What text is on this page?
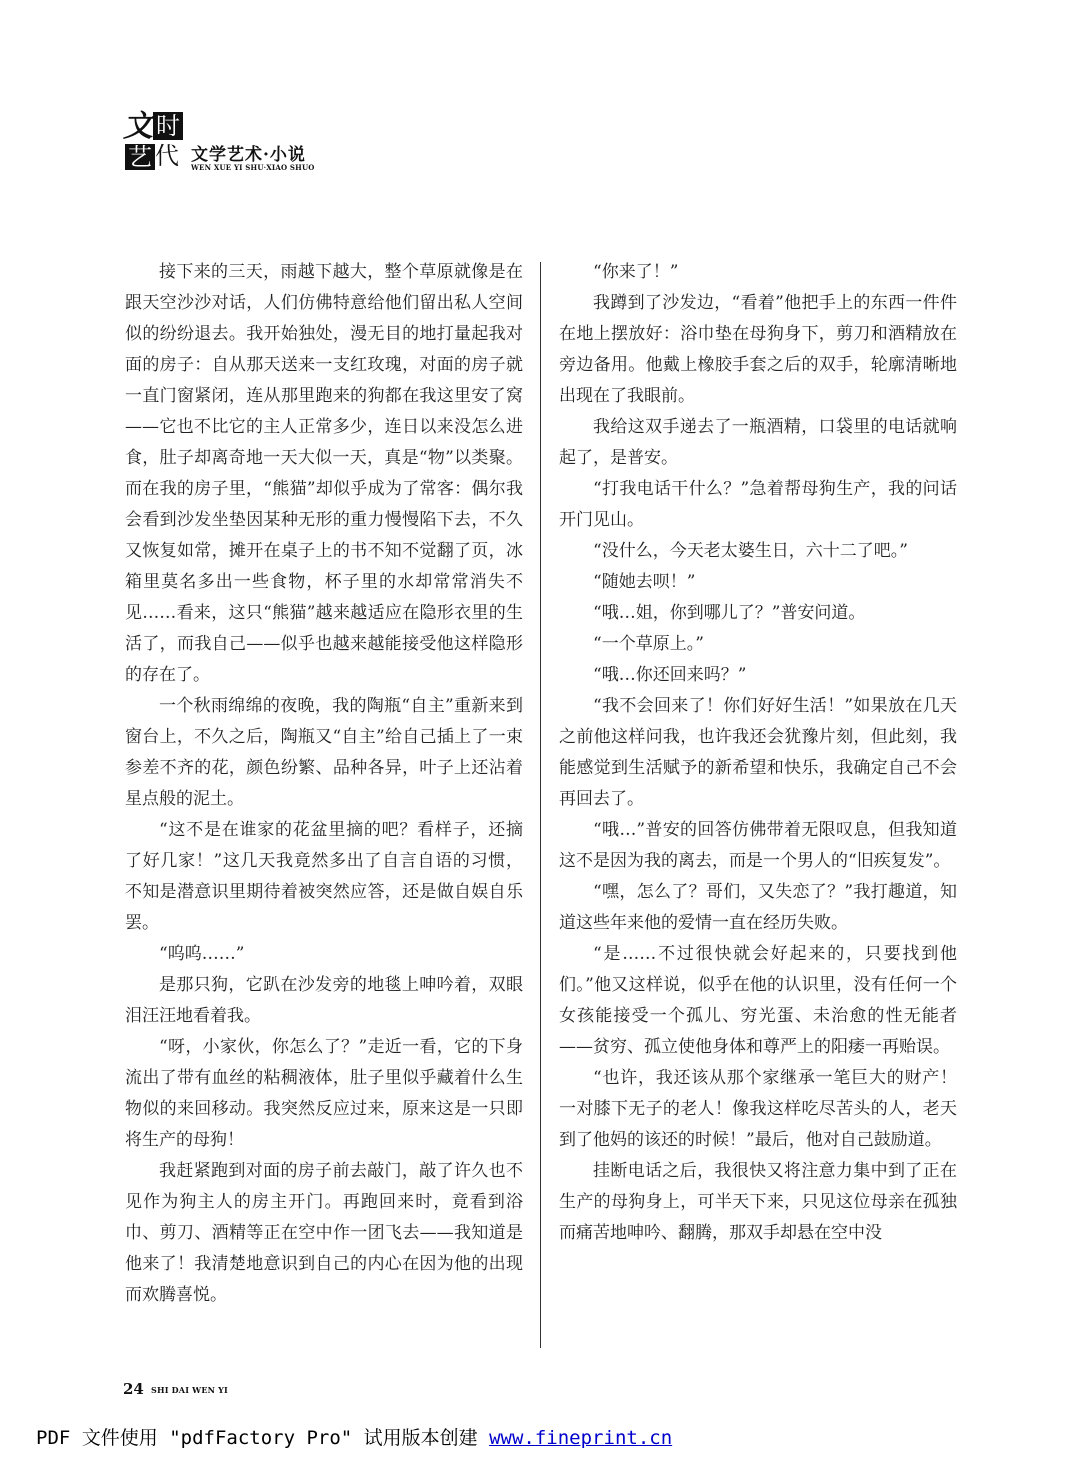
文 时
艺 代 文学艺术·小说
WEN XUE YI SHU·XIAO SHUO

接下来的三天，雨越下越大，整个草原就像是在跟天空沙沙对话，人们仿佛特意给他们留出私人空间似的纷纷退去。我开始独处，漫无目的地打量起我对面的房子：自从那天送来一支红玫瑰，对面的房子就一直门窗紧闭，连从那里跑来的狗都在我这里安了窝——它也不比它的主人正常多少，连日以来没怎么进食，肚子却离奇地一天大似一天，真是“物”以类聚。而在我的房子里，“熊猫”却似乎成为了常客：偶尔我会看到沙发坐垫因某种无形的重力慢慢陷下去，不久又恢复如常，摊开在桌子上的书不知不觉翻了页，冰箱里莫名多出一些食物，杯子里的水却常常消失不见……看来，这只“熊猫”越来越适应在隐形衣里的生活了，而我自己——似乎也越来越能接受他这样隐形的存在了。

一个秋雨绵绵的夜晚，我的陶瓶“自主”重新来到窗台上，不久之后，陶瓶又“自主”给自己插上了一束参差不齐的花，颜色纷繁、品种各异，叶子上还沾着星点般的泥土。

“这不是在谁家的花盆里摘的吧？看样子，还摘了好几家！”这几天我竟然多出了自言自语的习惯，不知是潜意识里期待着被突然应答，还是做自娱自乐罢。

“呜呜……”

是那只狗，它趴在沙发旁的地毯上呻吟着，双眼泪汪汪地看着我。

“呀，小家伙，你怎么了？”走近一看，它的下身流出了带有血丝的粘稠液体，肚子里似乎藏着什么生物似的来回移动。我突然反应过来，原来这是一只即将生产的母狗！

我赶紧跑到对面的房子前去敲门，敲了许久也不见作为狗主人的房主开门。再跑回来时，竟看到浴巾、剪刀、酒精等正在空中作一团飞去——我知道是他来了！我清楚地意识到自己的内心在因为他的出现而欢腾喜悦。

“你来了！”

我蹲到了沙发边，“看着”他把手上的东西一件件在地上摆放好：浴巾垫在母狗身下，剪刀和酒精放在旁边备用。他戴上橡胶手套之后的双手，轮廓清晰地出现在了我眼前。

我给这双手递去了一瓶酒精，口袋里的电话就响起了，是普安。

“打我电话干什么？”急着帮母狗生产，我的问话开门见山。

“没什么，今天老太婆生日，六十二了吧。”

“随她去呗！”

“哦…姐，你到哪儿了？”普安问道。

“一个草原上。”

“哦…你还回来吗？”

“我不会回来了！你们好好生活！”如果放在几天之前他这样问我，也许我还会犹豫片刻，但此刻，我能感觉到生活赋予的新希望和快乐，我确定自己不会再回去了。

“哦…”普安的回答仿佛带着无限叹息，但我知道这不是因为我的离去，而是一个男人的“旧疾复发”。

“嘿，怎么了？哥们，又失恋了？”我打趣道，知道这些年来他的爱情一直在经历失败。

“是……不过很快就会好起来的，只要找到他们。”他又这样说，似乎在他的认识里，没有任何一个女孩能接受一个孤儿、穷光蛋、未治愈的性无能者——贫穷、孤立使他身体和尊严上的阳痿一再贻误。

“也许，我还该从那个家继承一笔巨大的财产！一对膝下无子的老人！像我这样吃尽苦头的人，老天到了他妈的该还的时候！”最后，他对自己鼓励道。

挂断电话之后，我很快又将注意力集中到了正在生产的母狗身上，可半天下来，只见这位母亲在孤独而痛苦地呻吟、翻腾，那双手却悬在空中没

24 SHI DAI WEN YI
PDF 文件使用 "pdfFactory Pro" 试用版本创建 www.fineprint.cn
